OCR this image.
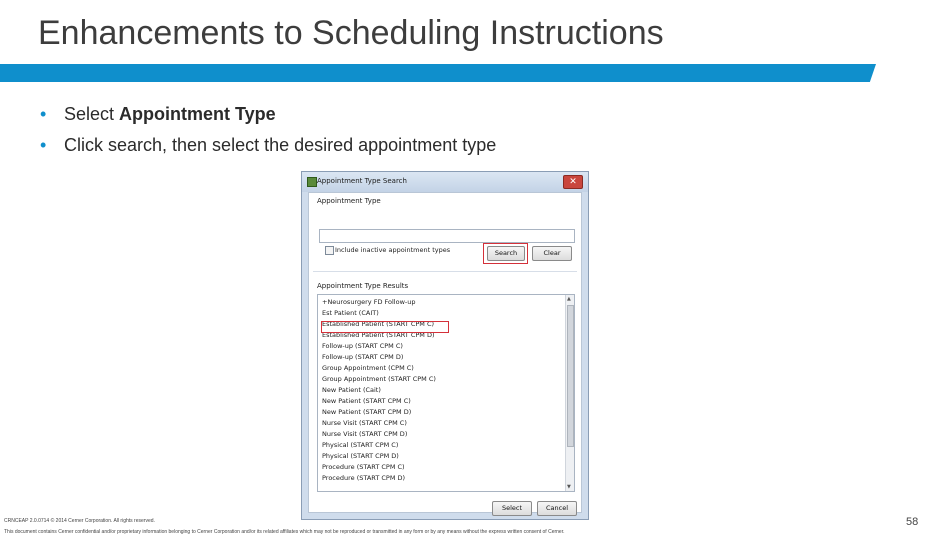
Enhancements to Scheduling Instructions
• Select Appointment Type
• Click search, then select the desired appointment type
Appointment Type Search	✕
Appointment Type
Include inactive appointment types	Search	Clear
Appointment Type Results
+Neurosurgery FD Follow-up
Est Patient (CAIT)
Established Patient (START CPM C)
Established Patient (START CPM D)
Follow-up (START CPM C)
Follow-up (START CPM D)
Group Appointment (CPM C)
Group Appointment (START CPM C)
New Patient (Cait)
New Patient (START CPM C)
New Patient (START CPM D)
Nurse Visit (START CPM C)
Nurse Visit (START CPM D)
Physical (START CPM C)
Physical (START CPM D)
Procedure (START CPM C)
Procedure (START CPM D)
▲
▼
Select	Cancel
CRNCEAP 2.0.0714 © 2014 Cerner Corporation. All rights reserved.
This document contains Cerner confidential and/or proprietary information belonging to Cerner Corporation and/or its related affiliates which may not be reproduced or transmitted in any form or by any means without the express written consent of Cerner.
58
